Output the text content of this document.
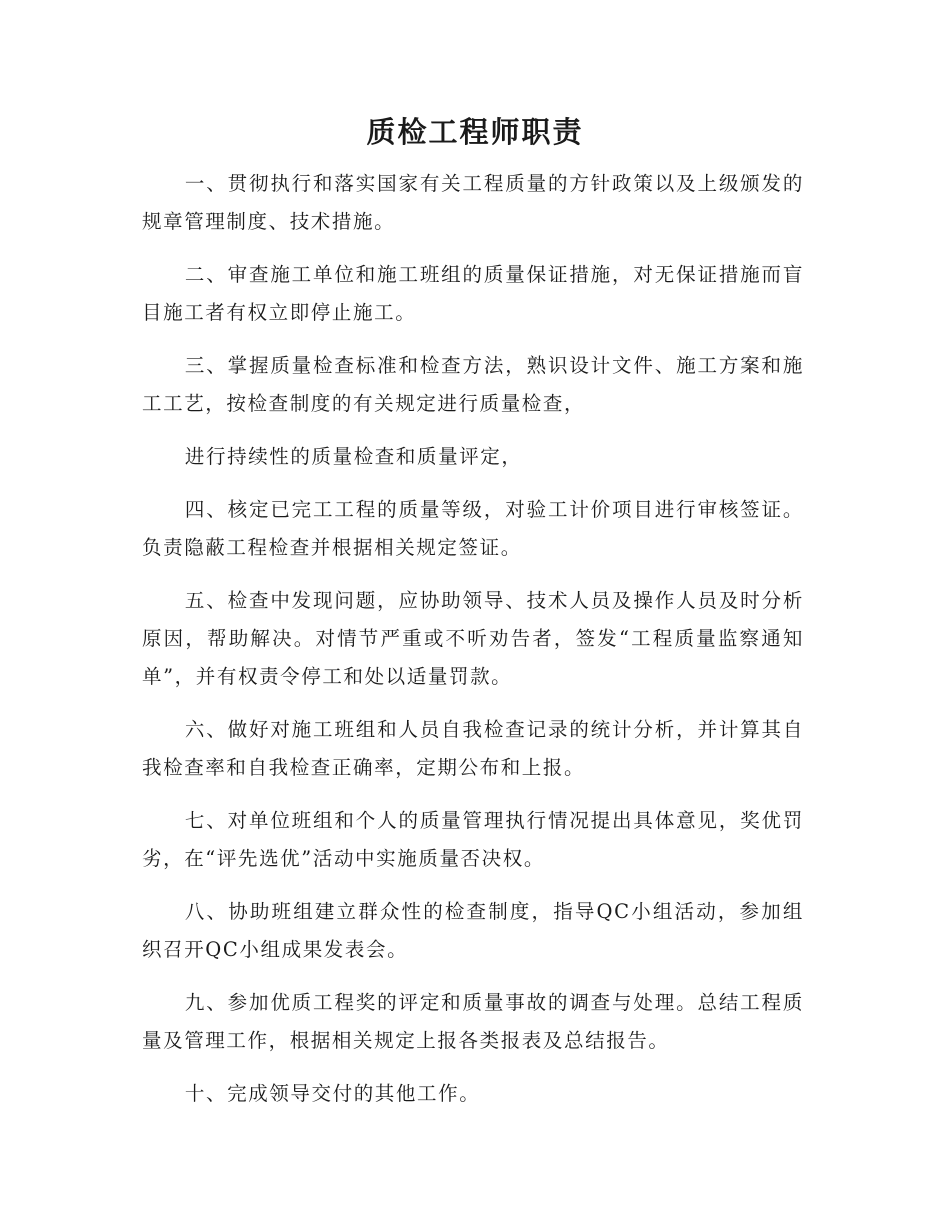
质检工程师职责

一、贯彻执行和落实国家有关工程质量的方针政策以及上级颁发的规章管理制度、技术措施。

二、审查施工单位和施工班组的质量保证措施，对无保证措施而盲目施工者有权立即停止施工。

三、掌握质量检查标准和检查方法，熟识设计文件、施工方案和施工工艺，按检查制度的有关规定进行质量检查，

进行持续性的质量检查和质量评定，

四、核定已完工工程的质量等级，对验工计价项目进行审核签证。负责隐蔽工程检查并根据相关规定签证。

五、检查中发现问题，应协助领导、技术人员及操作人员及时分析原因，帮助解决。对情节严重或不听劝告者，签发“工程质量监察通知单”，并有权责令停工和处以适量罚款。

六、做好对施工班组和人员自我检查记录的统计分析，并计算其自我检查率和自我检查正确率，定期公布和上报。

七、对单位班组和个人的质量管理执行情况提出具体意见，奖优罚劣，在“评先选优”活动中实施质量否决权。

八、协助班组建立群众性的检查制度，指导QC小组活动，参加组织召开QC小组成果发表会。

九、参加优质工程奖的评定和质量事故的调查与处理。总结工程质量及管理工作，根据相关规定上报各类报表及总结报告。

十、完成领导交付的其他工作。
